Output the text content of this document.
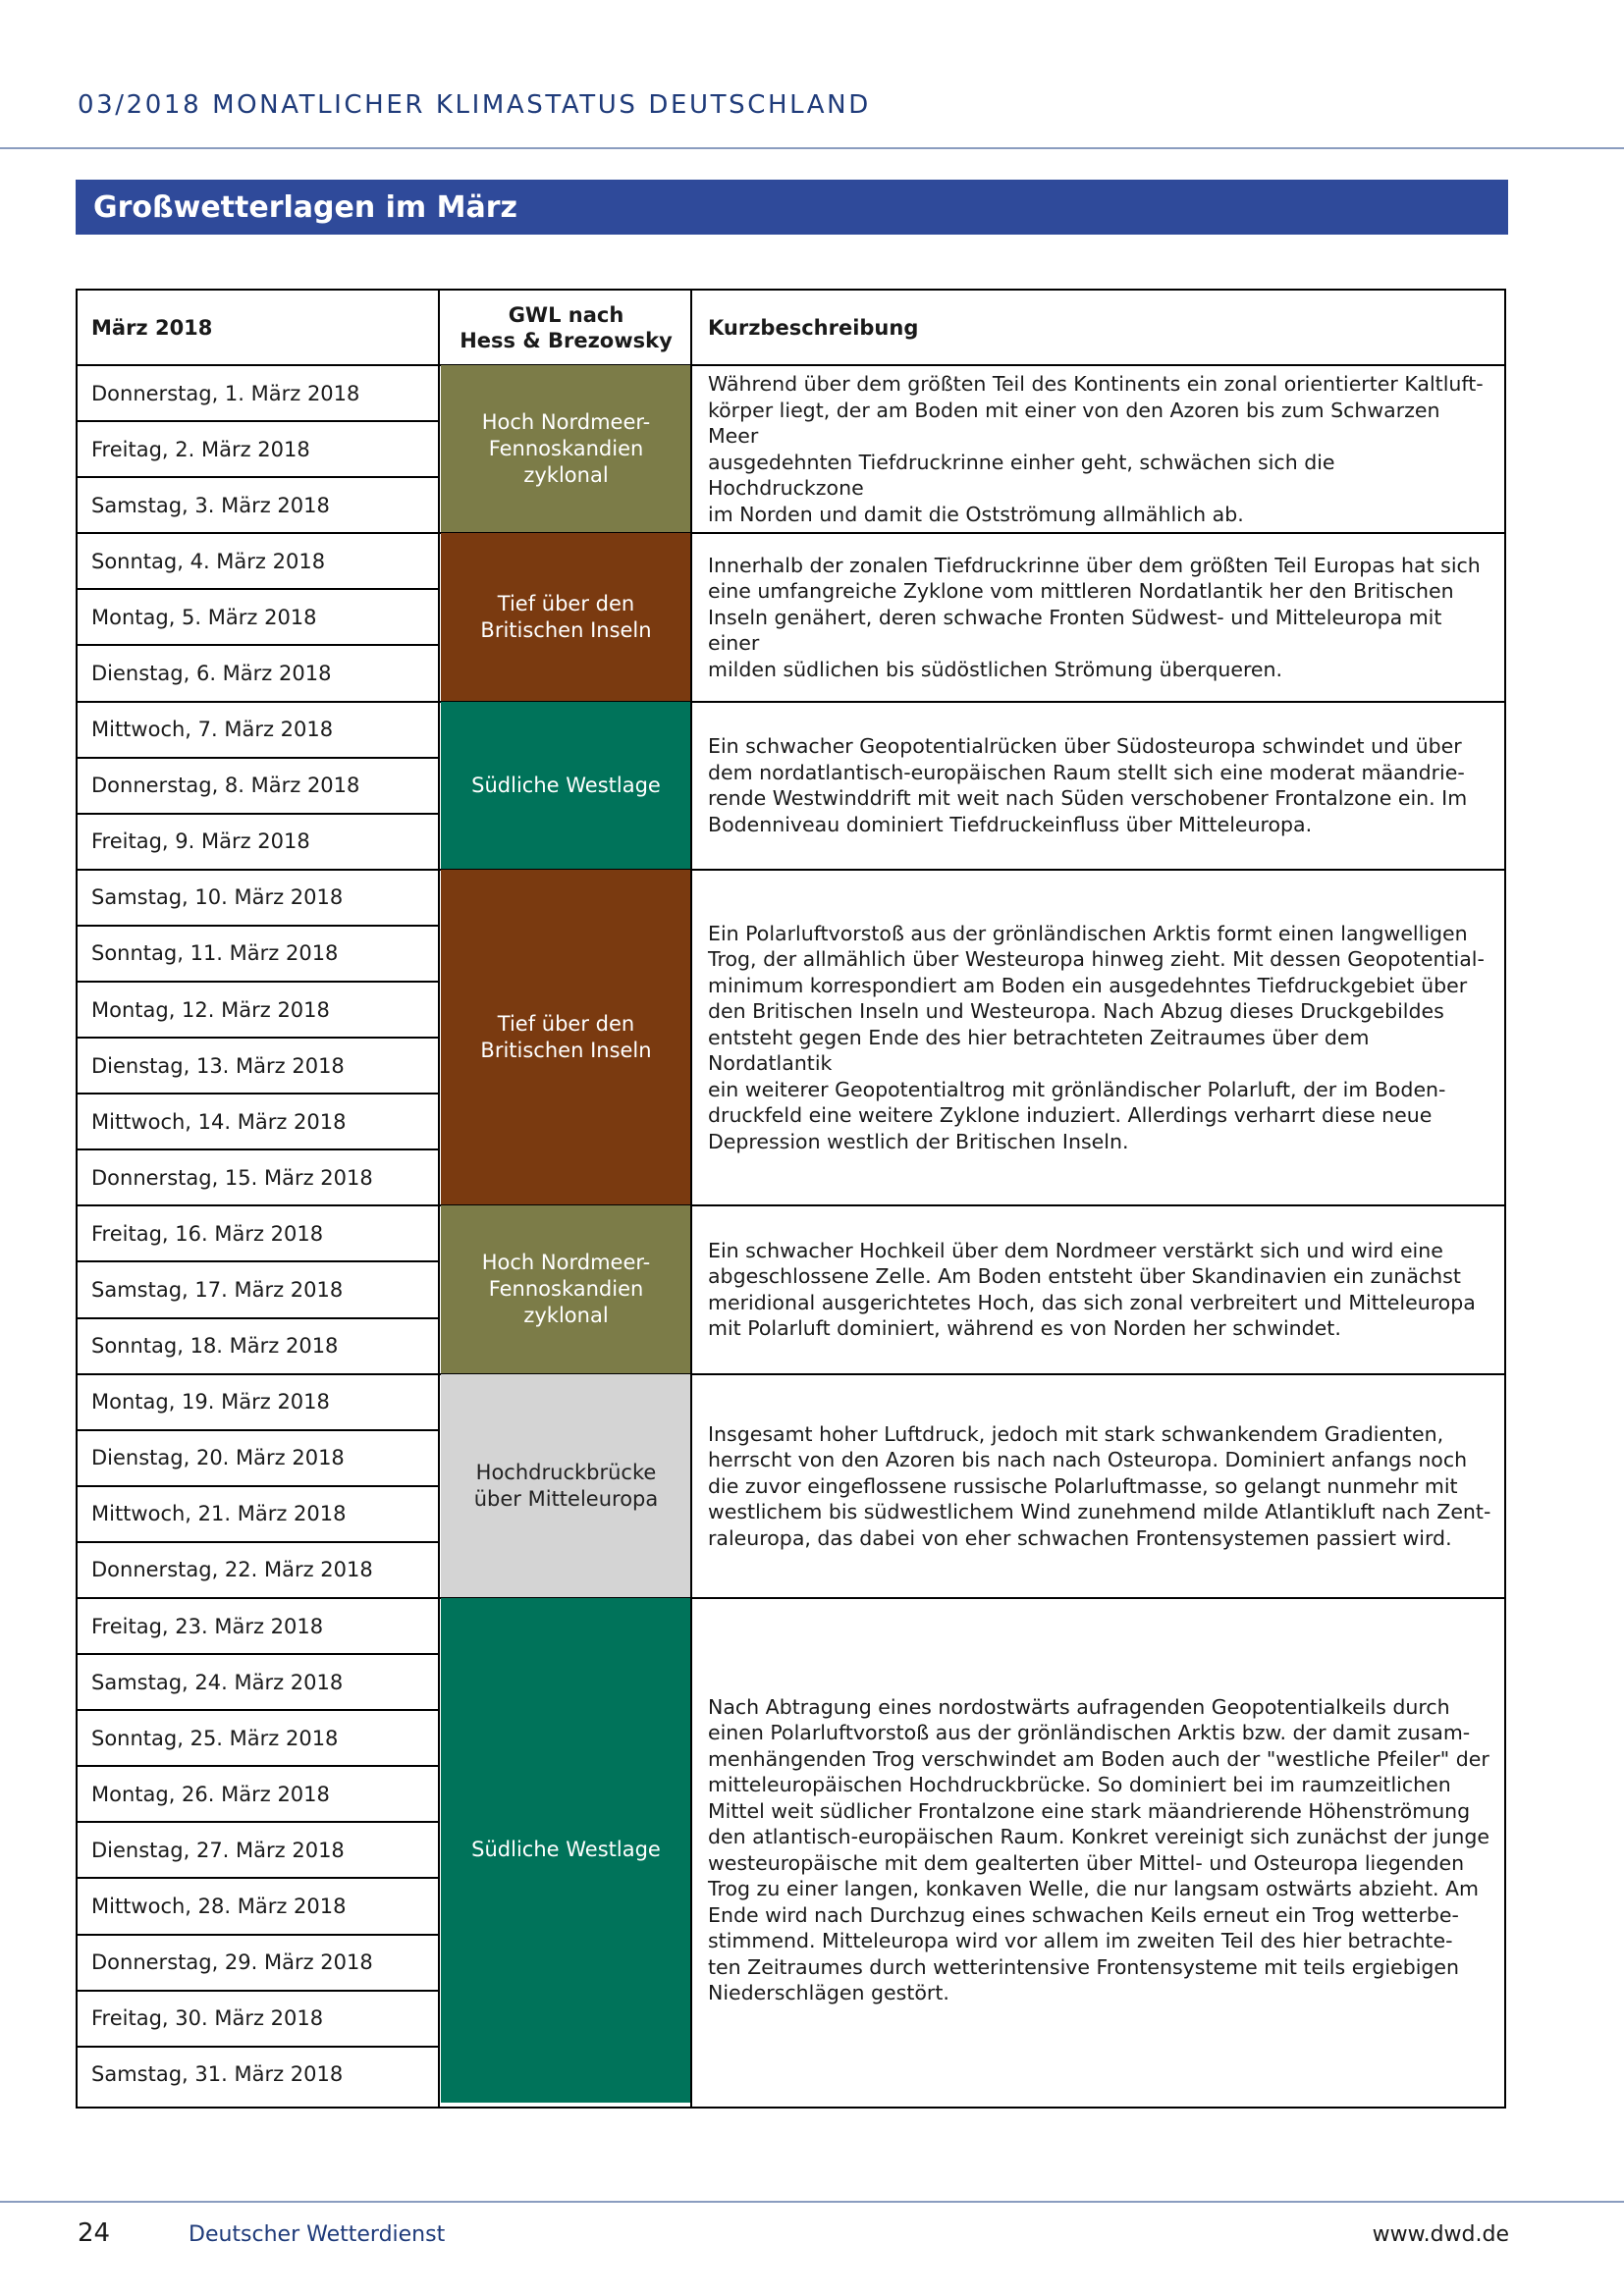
03/2018 MONATLICHER KLIMASTATUS DEUTSCHLAND
Großwetterlagen im März
März 2018
GWL nach
Hess & Brezowsky
Kurzbeschreibung
Hoch Nordmeer-
Fennoskandien
zyklonal
Während über dem größten Teil des Kontinents ein zonal orientierter Kaltluft-
körper liegt, der am Boden mit einer von den Azoren bis zum Schwarzen Meer
ausgedehnten Tiefdruckrinne einher geht, schwächen sich die Hochdruckzone
im Norden und damit die Ostströmung allmählich ab.
Donnerstag, 1. März 2018
Freitag, 2. März 2018
Samstag, 3. März 2018
Tief über den
Britischen Inseln
Innerhalb der zonalen Tiefdruckrinne über dem größten Teil Europas hat sich
eine umfangreiche Zyklone vom mittleren Nordatlantik her den Britischen
Inseln genähert, deren schwache Fronten Südwest- und Mitteleuropa mit einer
milden südlichen bis südöstlichen Strömung überqueren.
Sonntag, 4. März 2018
Montag, 5. März 2018
Dienstag, 6. März 2018
Südliche Westlage
Ein schwacher Geopotentialrücken über Südosteuropa schwindet und über
dem nordatlantisch-europäischen Raum stellt sich eine moderat mäandrie-
rende Westwinddrift mit weit nach Süden verschobener Frontalzone ein. Im
Bodenniveau dominiert Tiefdruckeinfluss über Mitteleuropa.
Mittwoch, 7. März 2018
Donnerstag, 8. März 2018
Freitag, 9. März 2018
Tief über den
Britischen Inseln
Ein Polarluftvorstoß aus der grönländischen Arktis formt einen langwelligen
Trog, der allmählich über Westeuropa hinweg zieht. Mit dessen Geopotential-
minimum korrespondiert am Boden ein ausgedehntes Tiefdruckgebiet über
den Britischen Inseln und Westeuropa. Nach Abzug dieses Druckgebildes
entsteht gegen Ende des hier betrachteten Zeitraumes über dem Nordatlantik
ein weiterer Geopotentialtrog mit grönländischer Polarluft, der im Boden-
druckfeld eine weitere Zyklone induziert. Allerdings verharrt diese neue
Depression westlich der Britischen Inseln.
Samstag, 10. März 2018
Sonntag, 11. März 2018
Montag, 12. März 2018
Dienstag, 13. März 2018
Mittwoch, 14. März 2018
Donnerstag, 15. März 2018
Hoch Nordmeer-
Fennoskandien
zyklonal
Ein schwacher Hochkeil über dem Nordmeer verstärkt sich und wird eine
abgeschlossene Zelle. Am Boden entsteht über Skandinavien ein zunächst
meridional ausgerichtetes Hoch, das sich zonal verbreitert und Mitteleuropa
mit Polarluft dominiert, während es von Norden her schwindet.
Freitag, 16. März 2018
Samstag, 17. März 2018
Sonntag, 18. März 2018
Hochdruckbrücke
über Mitteleuropa
Insgesamt hoher Luftdruck, jedoch mit stark schwankendem Gradienten,
herrscht von den Azoren bis nach nach Osteuropa. Dominiert anfangs noch
die zuvor eingeflossene russische Polarluftmasse, so gelangt nunmehr mit
westlichem bis südwestlichem Wind zunehmend milde Atlantikluft nach Zent-
raleuropa, das dabei von eher schwachen Frontensystemen passiert wird.
Montag, 19. März 2018
Dienstag, 20. März 2018
Mittwoch, 21. März 2018
Donnerstag, 22. März 2018
Südliche Westlage
Nach Abtragung eines nordostwärts aufragenden Geopotentialkeils durch
einen Polarluftvorstoß aus der grönländischen Arktis bzw. der damit zusam-
menhängenden Trog verschwindet am Boden auch der "westliche Pfeiler" der
mitteleuropäischen Hochdruckbrücke. So dominiert bei im raumzeitlichen
Mittel weit südlicher Frontalzone eine stark mäandrierende Höhenströmung
den atlantisch-europäischen Raum. Konkret vereinigt sich zunächst der junge
westeuropäische mit dem gealterten über Mittel- und Osteuropa liegenden
Trog zu einer langen, konkaven Welle, die nur langsam ostwärts abzieht. Am
Ende wird nach Durchzug eines schwachen Keils erneut ein Trog wetterbe-
stimmend. Mitteleuropa wird vor allem im zweiten Teil des hier betrachte-
ten Zeitraumes durch wetterintensive Frontensysteme mit teils ergiebigen
Niederschlägen gestört.
Freitag, 23. März 2018
Samstag, 24. März 2018
Sonntag, 25. März 2018
Montag, 26. März 2018
Dienstag, 27. März 2018
Mittwoch, 28. März 2018
Donnerstag, 29. März 2018
Freitag, 30. März 2018
Samstag, 31. März 2018
24	Deutscher Wetterdienst	www.dwd.de
